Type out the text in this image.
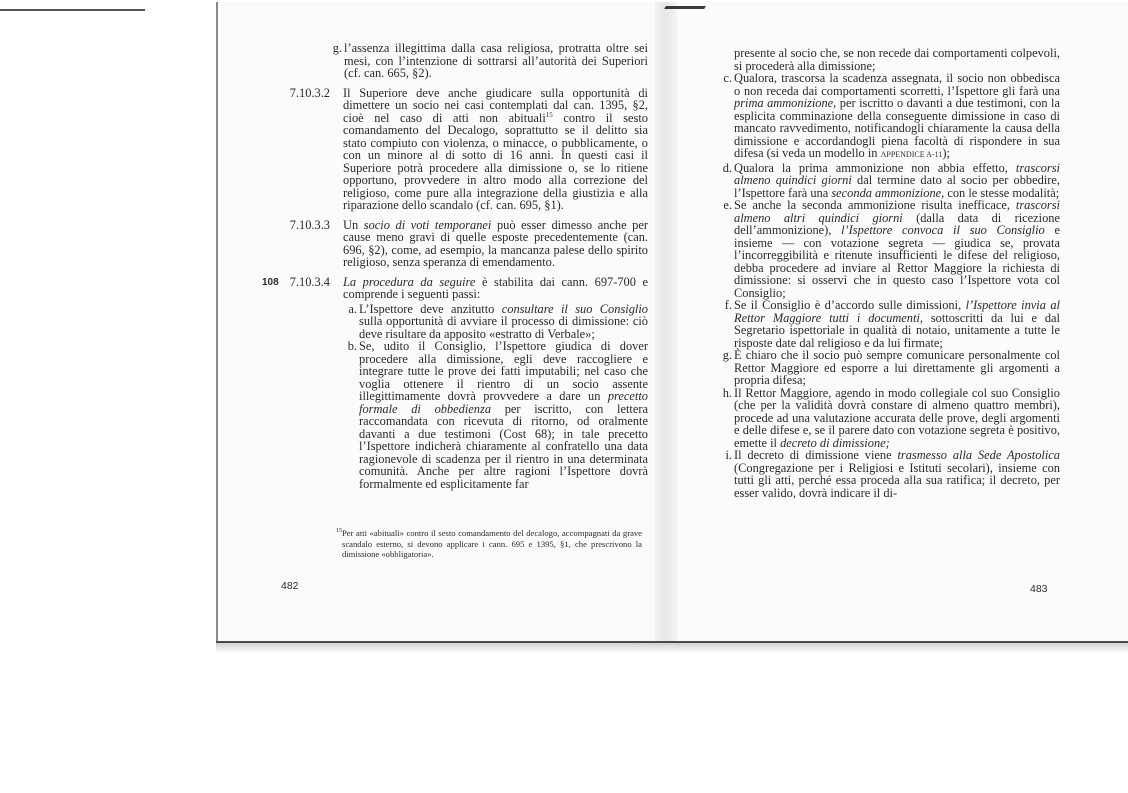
g. l’assenza illegittima dalla casa religiosa, protratta oltre sei mesi, con l’intenzione di sottrarsi all’autorità dei Superiori (cf. can. 665, §2).
7.10.3.2 Il Superiore deve anche giudicare sulla opportunità di dimettere un socio nei casi contemplati dal can. 1395, §2, cioè nel caso di atti non abituali$^{15}$ contro il sesto comandamento del Decalogo, soprattutto se il delitto sia stato compiuto con violenza, o minacce, o pubblicamente, o con un minore al di sotto di 16 anni. In questi casi il Superiore potrà procedere alla dimissione o, se lo ritiene opportuno, provvedere in altro modo alla correzione del religioso, come pure alla integrazione della giustizia e alla riparazione dello scandalo (cf. can. 695, §1).
7.10.3.3 Un socio di voti temporanei può esser dimesso anche per cause meno gravi di quelle esposte precedentemente (can. 696, §2), come, ad esempio, la mancanza palese dello spirito religioso, senza speranza di emendamento.
108 7.10.3.4 La procedura da seguire è stabilita dai cann. 697-700 e comprende i seguenti passi:
a. L’Ispettore deve anzitutto consultare il suo Consiglio sulla opportunità di avviare il processo di dimissione: ciò deve risultare da apposito «estratto di Verbale»;
b. Se, udito il Consiglio, l’Ispettore giudica di dover procedere alla dimissione, egli deve raccogliere e integrare tutte le prove dei fatti imputabili; nel caso che voglia ottenere il rientro di un socio assente illegittimamente dovrà provvedere a dare un precetto formale di obbedienza per iscritto, con lettera raccomandata con ricevuta di ritorno, od oralmente davanti a due testimoni (Cost 68); in tale precetto l’Ispettore indicherà chiaramente al confratello una data ragionevole di scadenza per il rientro in una determinata comunità. Anche per altre ragioni l’Ispettore dovrà formalmente ed esplicitamente far
15 Per atti «abituali» contro il sesto comandamento del decalogo, accompagnati da grave scandalo esterno, si devono applicare i cann. 695 e 1395, §1, che prescrivono la dimissione «obbligatoria».
482
presente al socio che, se non recede dai comportamenti colpevoli, si procederà alla dimissione;
c. Qualora, trascorsa la scadenza assegnata, il socio non obbedisca o non receda dai comportamenti scorretti, l’Ispettore gli farà una prima ammonizione, per iscritto o davanti a due testimoni, con la esplicita comminazione della conseguente dimissione in caso di mancato ravvedimento, notificandogli chiaramente la causa della dimissione e accordandogli piena facoltà di rispondere in sua difesa (si veda un modello in APPENDICE A-11);
d. Qualora la prima ammonizione non abbia effetto, trascorsi almeno quindici giorni dal termine dato al socio per obbedire, l’Ispettore farà una seconda ammonizione, con le stesse modalità;
e. Se anche la seconda ammonizione risulta inefficace, trascorsi almeno altri quindici giorni (dalla data di ricezione dell’ammonizione), l’Ispettore convoca il suo Consiglio e insieme — con votazione segreta — giudica se, provata l’incorreggibilità e ritenute insufficienti le difese del religioso, debba procedere ad inviare al Rettor Maggiore la richiesta di dimissione: si osservi che in questo caso l’Ispettore vota col Consiglio;
f. Se il Consiglio è d’accordo sulle dimissioni, l’Ispettore invia al Rettor Maggiore tutti i documenti, sottoscritti da lui e dal Segretario ispettoriale in qualità di notaio, unitamente a tutte le risposte date dal religioso e da lui firmate;
g. È chiaro che il socio può sempre comunicare personalmente col Rettor Maggiore ed esporre a lui direttamente gli argomenti a propria difesa;
h. Il Rettor Maggiore, agendo in modo collegiale col suo Consiglio (che per la validità dovrà constare di almeno quattro membri), procede ad una valutazione accurata delle prove, degli argomenti e delle difese e, se il parere dato con votazione segreta è positivo, emette il decreto di dimissione;
i. Il decreto di dimissione viene trasmesso alla Sede Apostolica (Congregazione per i Religiosi e Istituti secolari), insieme con tutti gli atti, perché essa proceda alla sua ratifica; il decreto, per esser valido, dovrà indicare il di-
483
